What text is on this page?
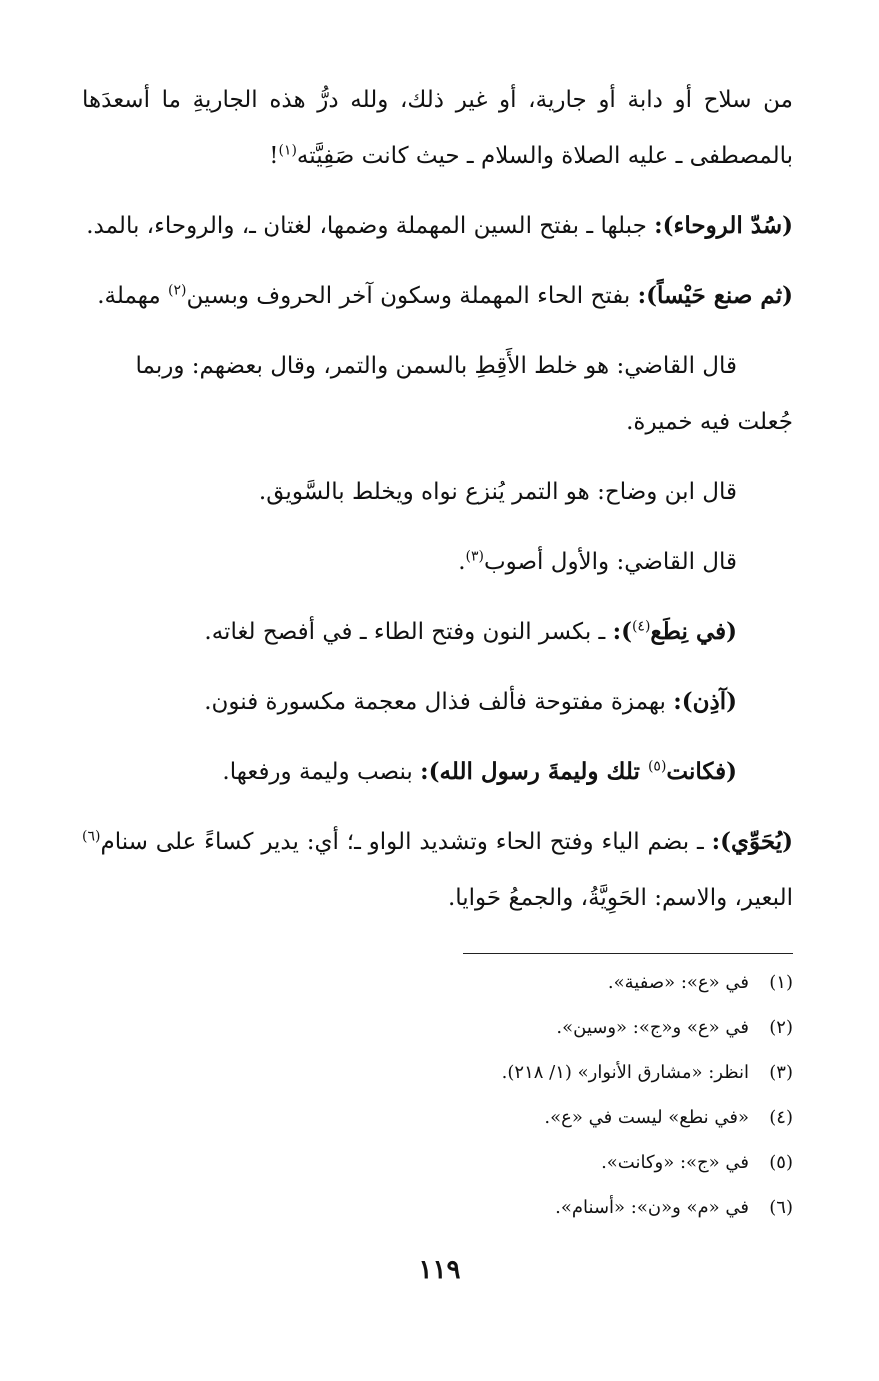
من سلاح أو دابة أو جارية، أو غير ذلك، ولله درُّ هذه الجاريةِ ما أسعدَها بالمصطفى ـ عليه الصلاة والسلام ـ حيث كانت صَفِيَّته$^{(١)}$!

(سُدّ الروحاء): جبلها ـ بفتح السين المهملة وضمها، لغتان ـ، والروحاء، بالمد.

(ثم صنع حَيْساً): بفتح الحاء المهملة وسكون آخر الحروف وبسين$^{(٢)}$ مهملة.

قال القاضي: هو خلط الأَقِطِ بالسمن والتمر، وقال بعضهم: وربما جُعلت فيه خميرة.

قال ابن وضاح: هو التمر يُنزع نواه ويخلط بالسَّويق.

قال القاضي: والأول أصوب$^{(٣)}$.

(في نِطَع$^{(٤)}$): ـ بكسر النون وفتح الطاء ـ في أفصح لغاته.

(آذِن): بهمزة مفتوحة فألف فذال معجمة مكسورة فنون.

(فكانت$^{(٥)}$ تلك وليمةَ رسول الله): بنصب وليمة ورفعها.

(يُحَوِّي): ـ بضم الياء وفتح الحاء وتشديد الواو ـ؛ أي: يدير كساءً على سنام$^{(٦)}$ البعير، والاسم: الحَوِيَّةُ، والجمعُ حَوايا.

(١)
في «ع»: «صفية».
(٢)
في «ع» و«ج»: «وسين».
(٣)
انظر: «مشارق الأنوار» (١/ ٢١٨).
(٤)
«في نطع» ليست في «ع».
(٥)
في «ج»: «وكانت».
(٦)
في «م» و«ن»: «أسنام».
١١٩
